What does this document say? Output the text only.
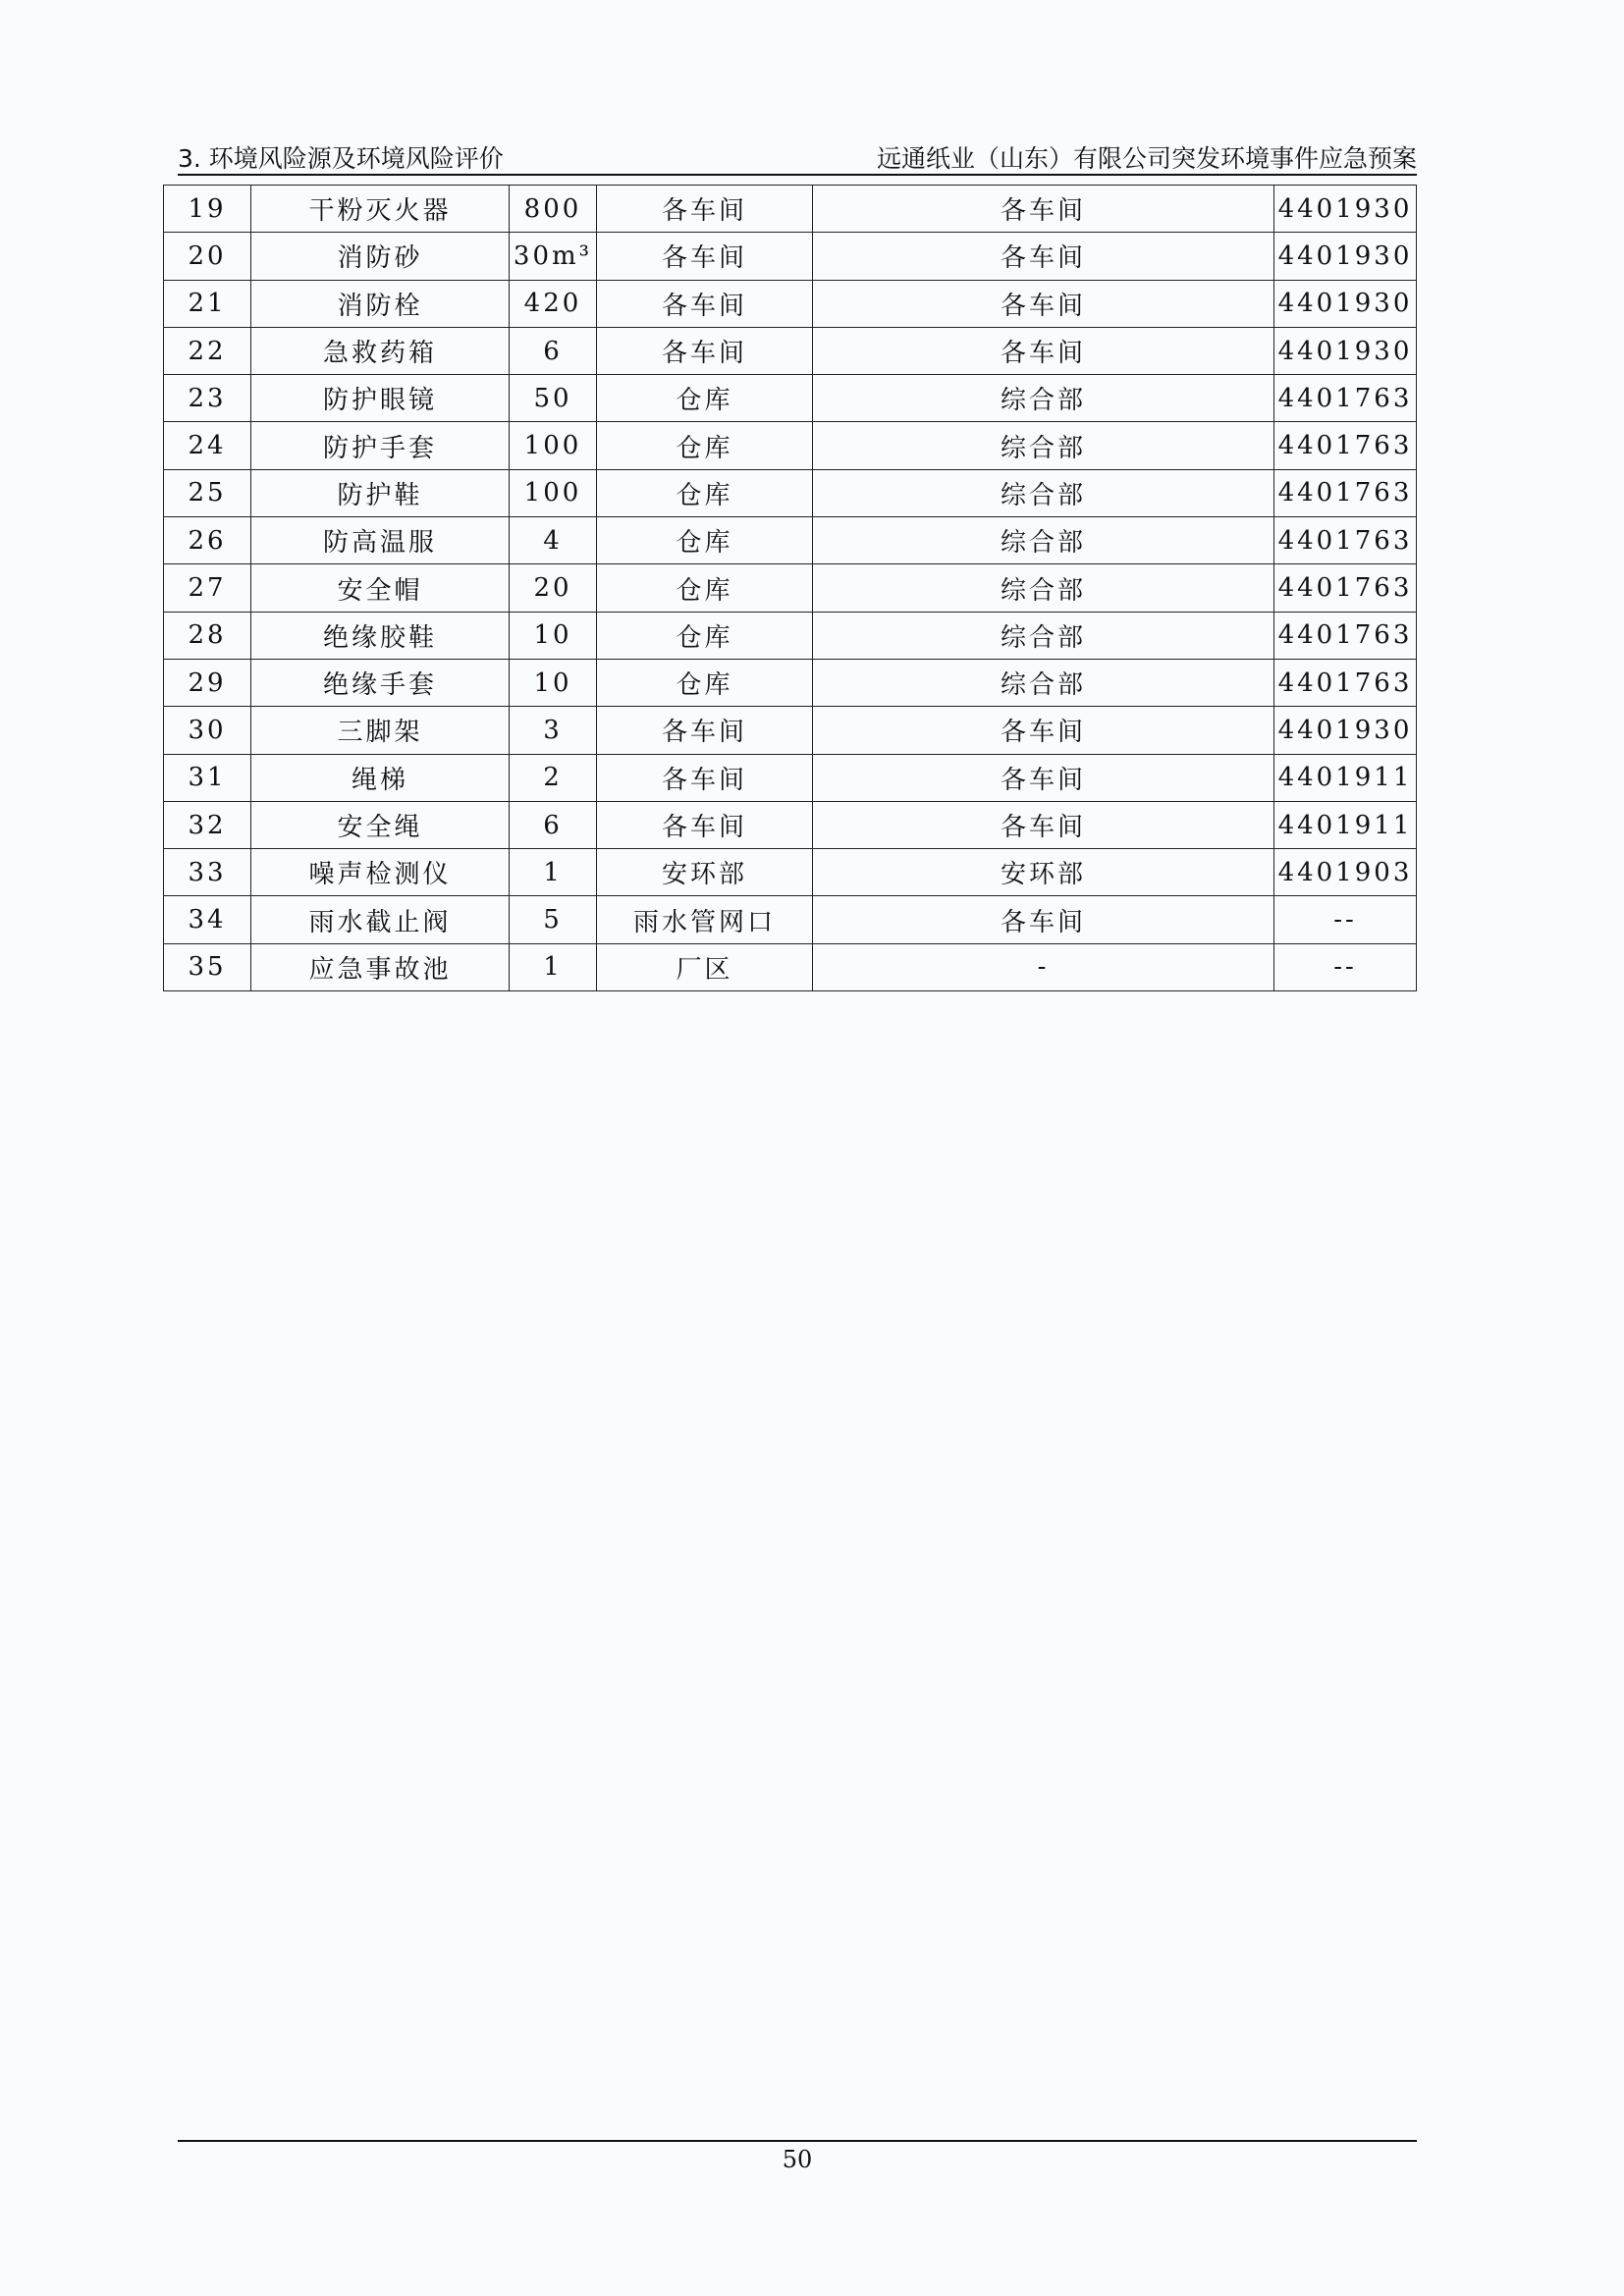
3. 环境风险源及环境风险评价	远通纸业（山东）有限公司突发环境事件应急预案
19	干粉灭火器	800	各车间	各车间	4401930
20	消防砂	30m³	各车间	各车间	4401930
21	消防栓	420	各车间	各车间	4401930
22	急救药箱	6	各车间	各车间	4401930
23	防护眼镜	50	仓库	综合部	4401763
24	防护手套	100	仓库	综合部	4401763
25	防护鞋	100	仓库	综合部	4401763
26	防高温服	4	仓库	综合部	4401763
27	安全帽	20	仓库	综合部	4401763
28	绝缘胶鞋	10	仓库	综合部	4401763
29	绝缘手套	10	仓库	综合部	4401763
30	三脚架	3	各车间	各车间	4401930
31	绳梯	2	各车间	各车间	4401911
32	安全绳	6	各车间	各车间	4401911
33	噪声检测仪	1	安环部	安环部	4401903
34	雨水截止阀	5	雨水管网口	各车间	--
35	应急事故池	1	厂区	-	--
50
